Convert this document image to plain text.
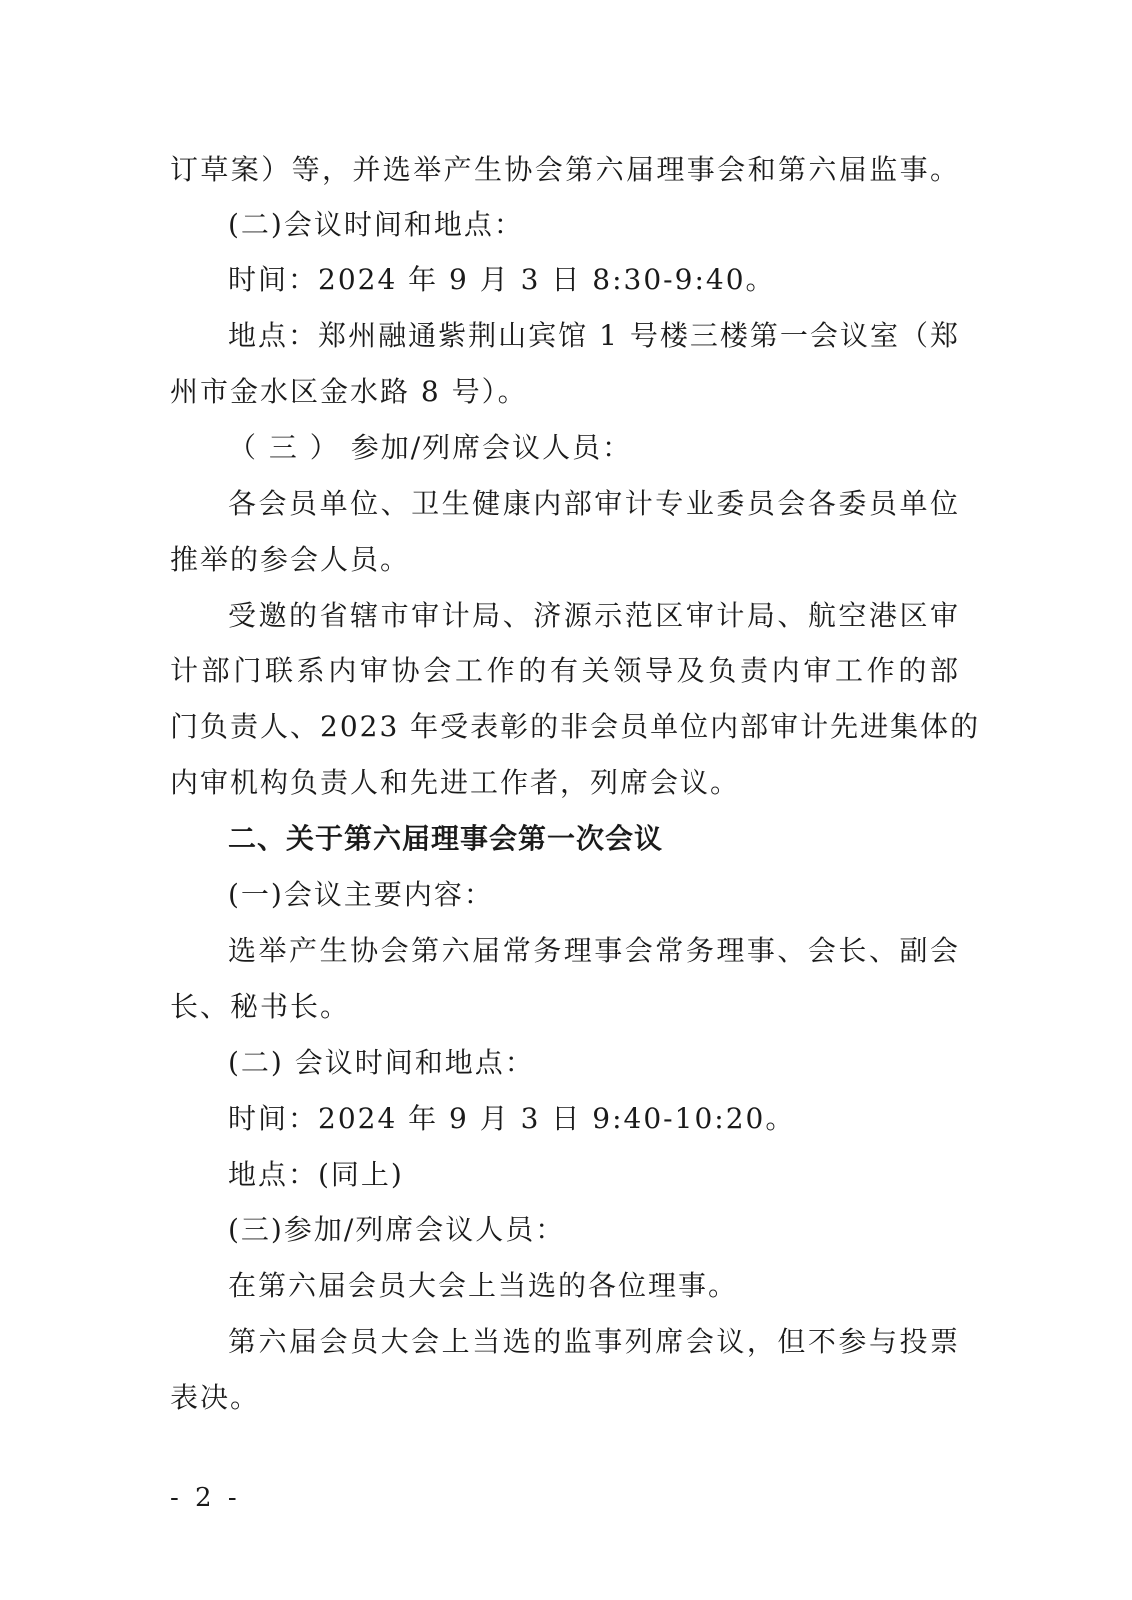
订草案）等，并选举产生协会第六届理事会和第六届监事。
(二)会议时间和地点：
时间：2024 年 9 月 3 日 8:30-9:40。
地点：郑州融通紫荆山宾馆 1 号楼三楼第一会议室（郑
州市金水区金水路 8 号）。
（ 三 ） 参加/列席会议人员：
各会员单位、卫生健康内部审计专业委员会各委员单位
推举的参会人员。
受邀的省辖市审计局、济源示范区审计局、航空港区审
计部门联系内审协会工作的有关领导及负责内审工作的部
门负责人、2023 年受表彰的非会员单位内部审计先进集体的
内审机构负责人和先进工作者，列席会议。
二、关于第六届理事会第一次会议
(一)会议主要内容：
选举产生协会第六届常务理事会常务理事、会长、副会
长、秘书长。
(二) 会议时间和地点：
时间：2024 年 9 月 3 日 9:40-10:20。
地点：(同上)
(三)参加/列席会议人员：
在第六届会员大会上当选的各位理事。
第六届会员大会上当选的监事列席会议，但不参与投票
表决。
- 2 -
